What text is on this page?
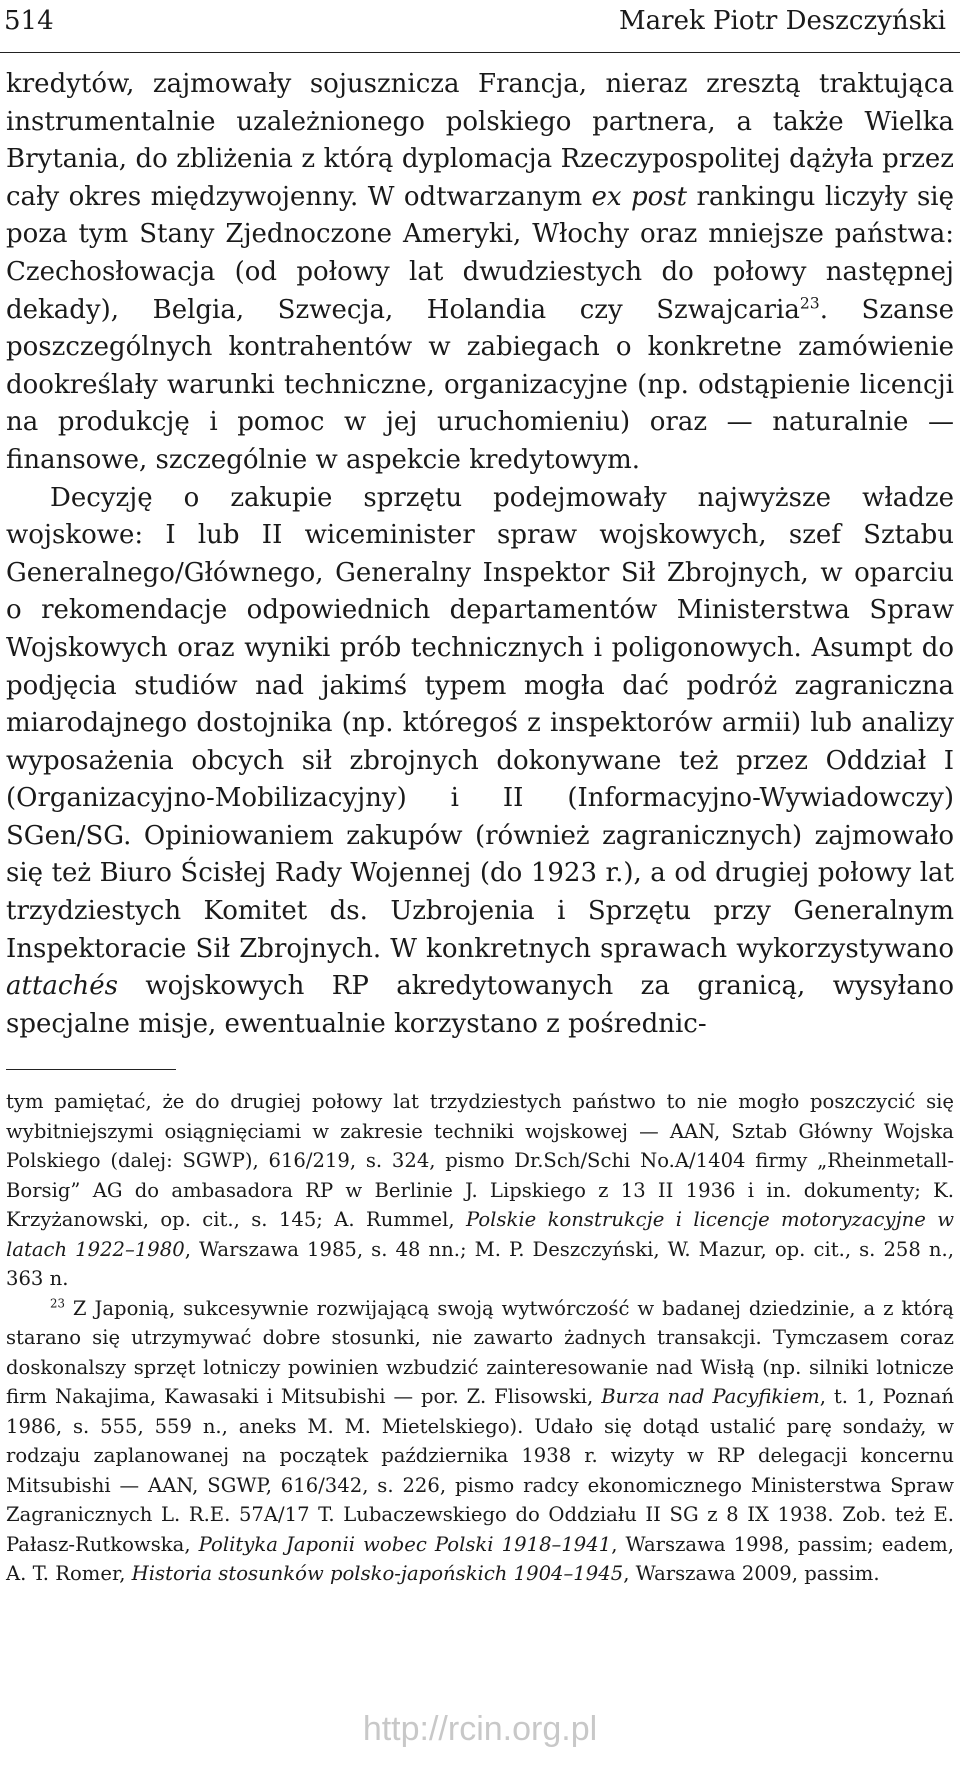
514	Marek Piotr Deszczyński

kredytów, zajmowały sojusznicza Francja, nieraz zresztą traktująca instrumentalnie uzależnionego polskiego partnera, a także Wielka Brytania, do zbliżenia z którą dyplomacja Rzeczypospolitej dążyła przez cały okres międzywojenny. W odtwarzanym ex post rankingu liczyły się poza tym Stany Zjednoczone Ameryki, Włochy oraz mniejsze państwa: Czechosłowacja (od połowy lat dwudziestych do połowy następnej dekady), Belgia, Szwecja, Holandia czy Szwajcaria$^{23}$. Szanse poszczególnych kontrahentów w zabiegach o konkretne zamówienie dookreślały warunki techniczne, organizacyjne (np. odstąpienie licencji na produkcję i pomoc w jej uruchomieniu) oraz — naturalnie — finansowe, szczególnie w aspekcie kredytowym.

Decyzję o zakupie sprzętu podejmowały najwyższe władze wojskowe: I lub II wiceminister spraw wojskowych, szef Sztabu Generalnego/Głównego, Generalny Inspektor Sił Zbrojnych, w oparciu o rekomendacje odpowiednich departamentów Ministerstwa Spraw Wojskowych oraz wyniki prób technicznych i poligonowych. Asumpt do podjęcia studiów nad jakimś typem mogła dać podróż zagraniczna miarodajnego dostojnika (np. któregoś z inspektorów armii) lub analizy wyposażenia obcych sił zbrojnych dokonywane też przez Oddział I (Organizacyjno-Mobilizacyjny) i II (Informacyjno-Wywiadowczy) SGen/SG. Opiniowaniem zakupów (również zagranicznych) zajmowało się też Biuro Ścisłej Rady Wojennej (do 1923 r.), a od drugiej połowy lat trzydziestych Komitet ds. Uzbrojenia i Sprzętu przy Generalnym Inspektoracie Sił Zbrojnych. W konkretnych sprawach wykorzystywano attachés wojskowych RP akredytowanych za granicą, wysyłano specjalne misje, ewentualnie korzystano z pośrednic-

tym pamiętać, że do drugiej połowy lat trzydziestych państwo to nie mogło poszczycić się wybitniejszymi osiągnięciami w zakresie techniki wojskowej — AAN, Sztab Główny Wojska Polskiego (dalej: SGWP), 616/219, s. 324, pismo Dr.Sch/Schi No.A/1404 firmy „Rheinmetall-Borsig” AG do ambasadora RP w Berlinie J. Lipskiego z 13 II 1936 i in. dokumenty; K. Krzyżanowski, op. cit., s. 145; A. Rummel, Polskie konstrukcje i licencje motoryzacyjne w latach 1922–1980, Warszawa 1985, s. 48 nn.; M. P. Deszczyński, W. Mazur, op. cit., s. 258 n., 363 n.

$^{23}$ Z Japonią, sukcesywnie rozwijającą swoją wytwórczość w badanej dziedzinie, a z którą starano się utrzymywać dobre stosunki, nie zawarto żadnych transakcji. Tymczasem coraz doskonalszy sprzęt lotniczy powinien wzbudzić zainteresowanie nad Wisłą (np. silniki lotnicze firm Nakajima, Kawasaki i Mitsubishi — por. Z. Flisowski, Burza nad Pacyfikiem, t. 1, Poznań 1986, s. 555, 559 n., aneks M. M. Mietelskiego). Udało się dotąd ustalić parę sondaży, w rodzaju zaplanowanej na początek października 1938 r. wizyty w RP delegacji koncernu Mitsubishi — AAN, SGWP, 616/342, s. 226, pismo radcy ekonomicznego Ministerstwa Spraw Zagranicznych L. R.E. 57A/17 T. Lubaczewskiego do Oddziału II SG z 8 IX 1938. Zob. też E. Pałasz-Rutkowska, Polityka Japonii wobec Polski 1918–1941, Warszawa 1998, passim; eadem, A. T. Romer, Historia stosunków polsko-japońskich 1904–1945, Warszawa 2009, passim.

http://rcin.org.pl
